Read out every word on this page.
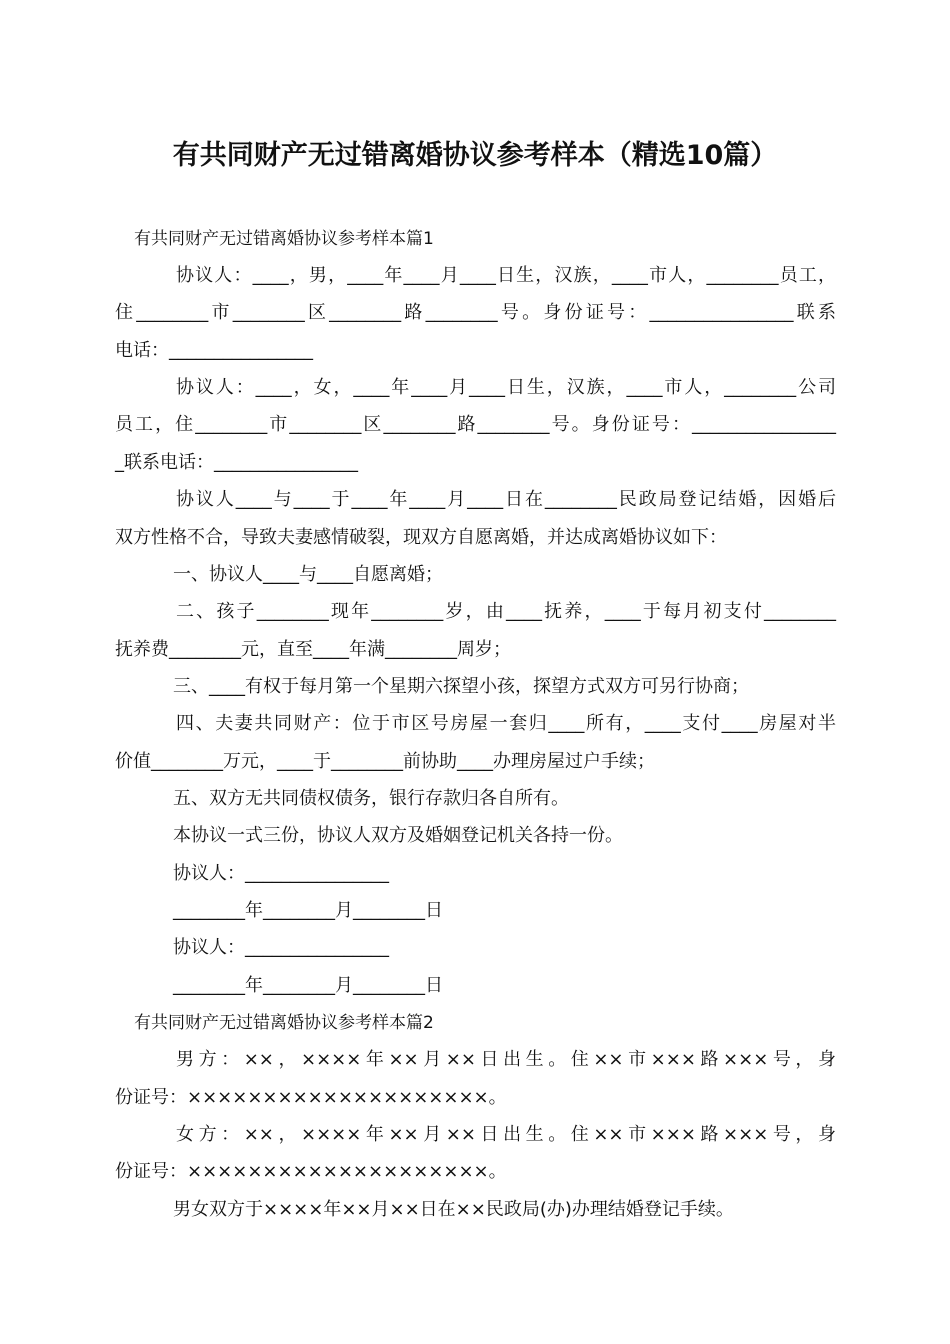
有共同财产无过错离婚协议参考样本（精选10篇）
有共同财产无过错离婚协议参考样本篇1
协议人：____，男，____年____月____日生，汉族，____市人，________员工，
住________市________区________路________号。身份证号：________________联系
电话：________________
协议人：____，女，____年____月____日生，汉族，____市人，________公司
员工，住________市________区________路________号。身份证号：________________
_联系电话：________________
协议人____与____于____年____月____日在________民政局登记结婚，因婚后
双方性格不合，导致夫妻感情破裂，现双方自愿离婚，并达成离婚协议如下：
一、协议人____与____自愿离婚；
二、孩子________现年________岁，由____抚养，____于每月初支付________
抚养费________元，直至____年满________周岁；
三、____有权于每月第一个星期六探望小孩，探望方式双方可另行协商；
四、夫妻共同财产：位于市区号房屋一套归____所有，____支付____房屋对半
价值________万元，____于________前协助____办理房屋过户手续；
五、双方无共同债权债务，银行存款归各自所有。
本协议一式三份，协议人双方及婚姻登记机关各持一份。
协议人：________________
________年________月________日
协议人：________________
________年________月________日
有共同财产无过错离婚协议参考样本篇2
男方：××，××××年××月××日出生。住××市×××路×××号，身
份证号：××××××××××××××××××××。
女方：××，××××年××月××日出生。住××市×××路×××号，身
份证号：××××××××××××××××××××。
男女双方于××××年××月××日在××民政局(办)办理结婚登记手续。
